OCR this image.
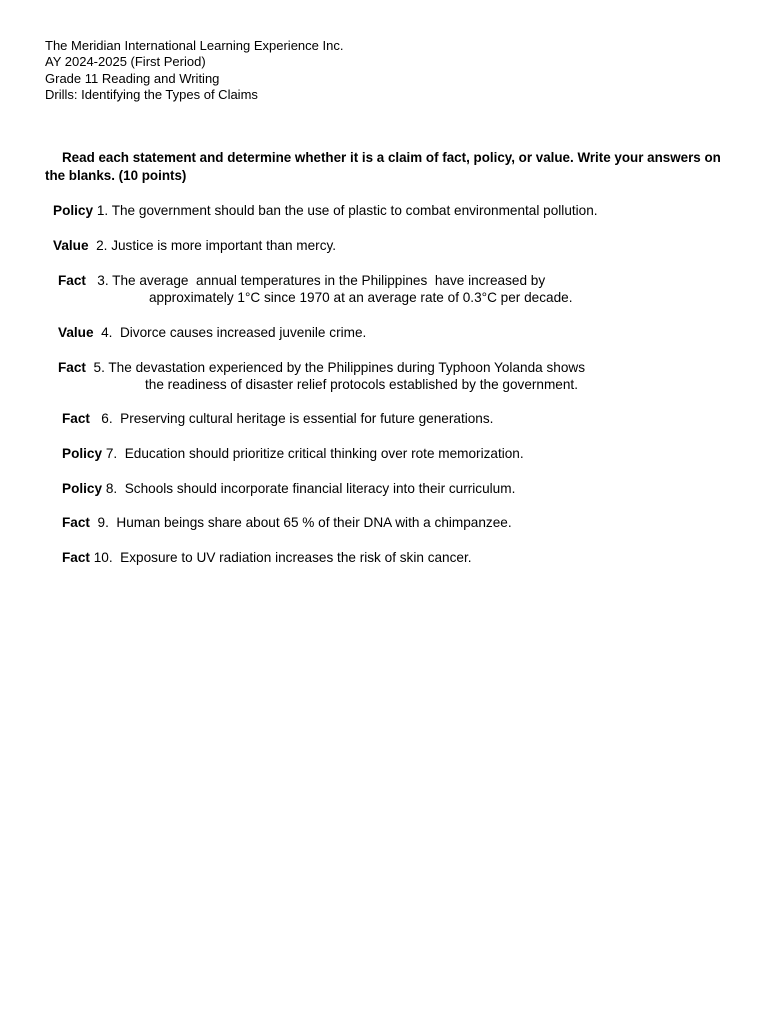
The Meridian International Learning Experience Inc.
AY 2024-2025 (First Period)
Grade 11 Reading and Writing
Drills: Identifying the Types of Claims
Read each statement and determine whether it is a claim of fact, policy, or value. Write your answers on the blanks. (10 points)
Policy 1. The government should ban the use of plastic to combat environmental pollution.
Value  2. Justice is more important than mercy.
Fact   3. The average  annual temperatures in the Philippines  have increased by
approximately 1°C since 1970 at an average rate of 0.3°C per decade.
Value  4.  Divorce causes increased juvenile crime.
Fact  5. The devastation experienced by the Philippines during Typhoon Yolanda shows
the readiness of disaster relief protocols established by the government.
Fact   6.  Preserving cultural heritage is essential for future generations.
Policy 7.  Education should prioritize critical thinking over rote memorization.
Policy 8.  Schools should incorporate financial literacy into their curriculum.
Fact  9.  Human beings share about 65 % of their DNA with a chimpanzee.
Fact 10.  Exposure to UV radiation increases the risk of skin cancer.
